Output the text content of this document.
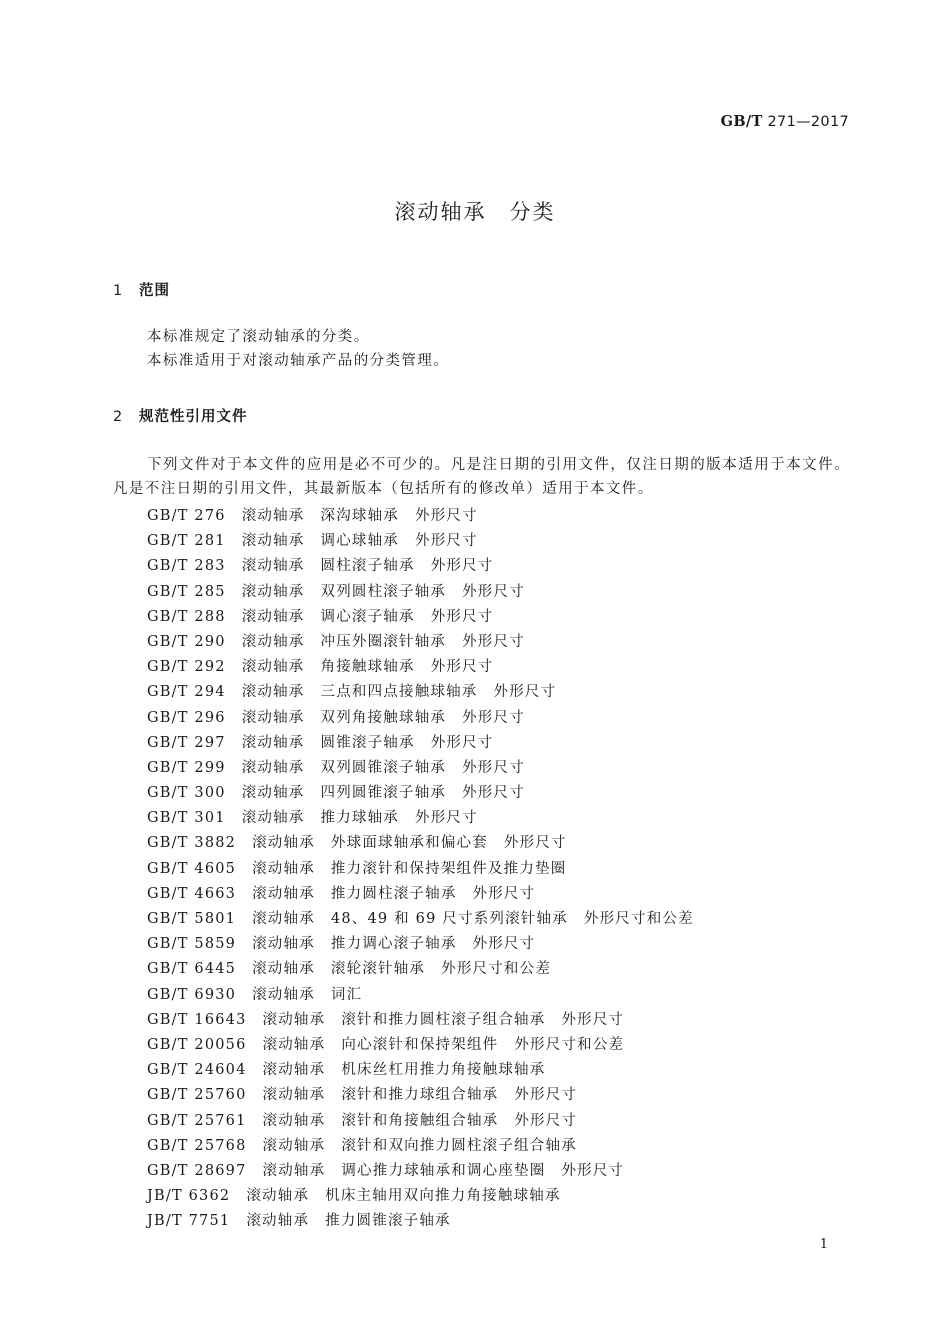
GB/T 271—2017
滚动轴承　分类
1 范围

本标准规定了滚动轴承的分类。

本标准适用于对滚动轴承产品的分类管理。

2 规范性引用文件

下列文件对于本文件的应用是必不可少的。凡是注日期的引用文件，仅注日期的版本适用于本文件。凡是不注日期的引用文件，其最新版本（包括所有的修改单）适用于本文件。

GB/T 276 滚动轴承 深沟球轴承 外形尺寸
GB/T 281 滚动轴承 调心球轴承 外形尺寸
GB/T 283 滚动轴承 圆柱滚子轴承 外形尺寸
GB/T 285 滚动轴承 双列圆柱滚子轴承 外形尺寸
GB/T 288 滚动轴承 调心滚子轴承 外形尺寸
GB/T 290 滚动轴承 冲压外圈滚针轴承 外形尺寸
GB/T 292 滚动轴承 角接触球轴承 外形尺寸
GB/T 294 滚动轴承 三点和四点接触球轴承 外形尺寸
GB/T 296 滚动轴承 双列角接触球轴承 外形尺寸
GB/T 297 滚动轴承 圆锥滚子轴承 外形尺寸
GB/T 299 滚动轴承 双列圆锥滚子轴承 外形尺寸
GB/T 300 滚动轴承 四列圆锥滚子轴承 外形尺寸
GB/T 301 滚动轴承 推力球轴承 外形尺寸
GB/T 3882 滚动轴承 外球面球轴承和偏心套 外形尺寸
GB/T 4605 滚动轴承 推力滚针和保持架组件及推力垫圈
GB/T 4663 滚动轴承 推力圆柱滚子轴承 外形尺寸
GB/T 5801 滚动轴承 48、49 和 69 尺寸系列滚针轴承 外形尺寸和公差
GB/T 5859 滚动轴承 推力调心滚子轴承 外形尺寸
GB/T 6445 滚动轴承 滚轮滚针轴承 外形尺寸和公差
GB/T 6930 滚动轴承 词汇
GB/T 16643 滚动轴承 滚针和推力圆柱滚子组合轴承 外形尺寸
GB/T 20056 滚动轴承 向心滚针和保持架组件 外形尺寸和公差
GB/T 24604 滚动轴承 机床丝杠用推力角接触球轴承
GB/T 25760 滚动轴承 滚针和推力球组合轴承 外形尺寸
GB/T 25761 滚动轴承 滚针和角接触组合轴承 外形尺寸
GB/T 25768 滚动轴承 滚针和双向推力圆柱滚子组合轴承
GB/T 28697 滚动轴承 调心推力球轴承和调心座垫圈 外形尺寸
JB/T 6362 滚动轴承 机床主轴用双向推力角接触球轴承
JB/T 7751 滚动轴承 推力圆锥滚子轴承
1
